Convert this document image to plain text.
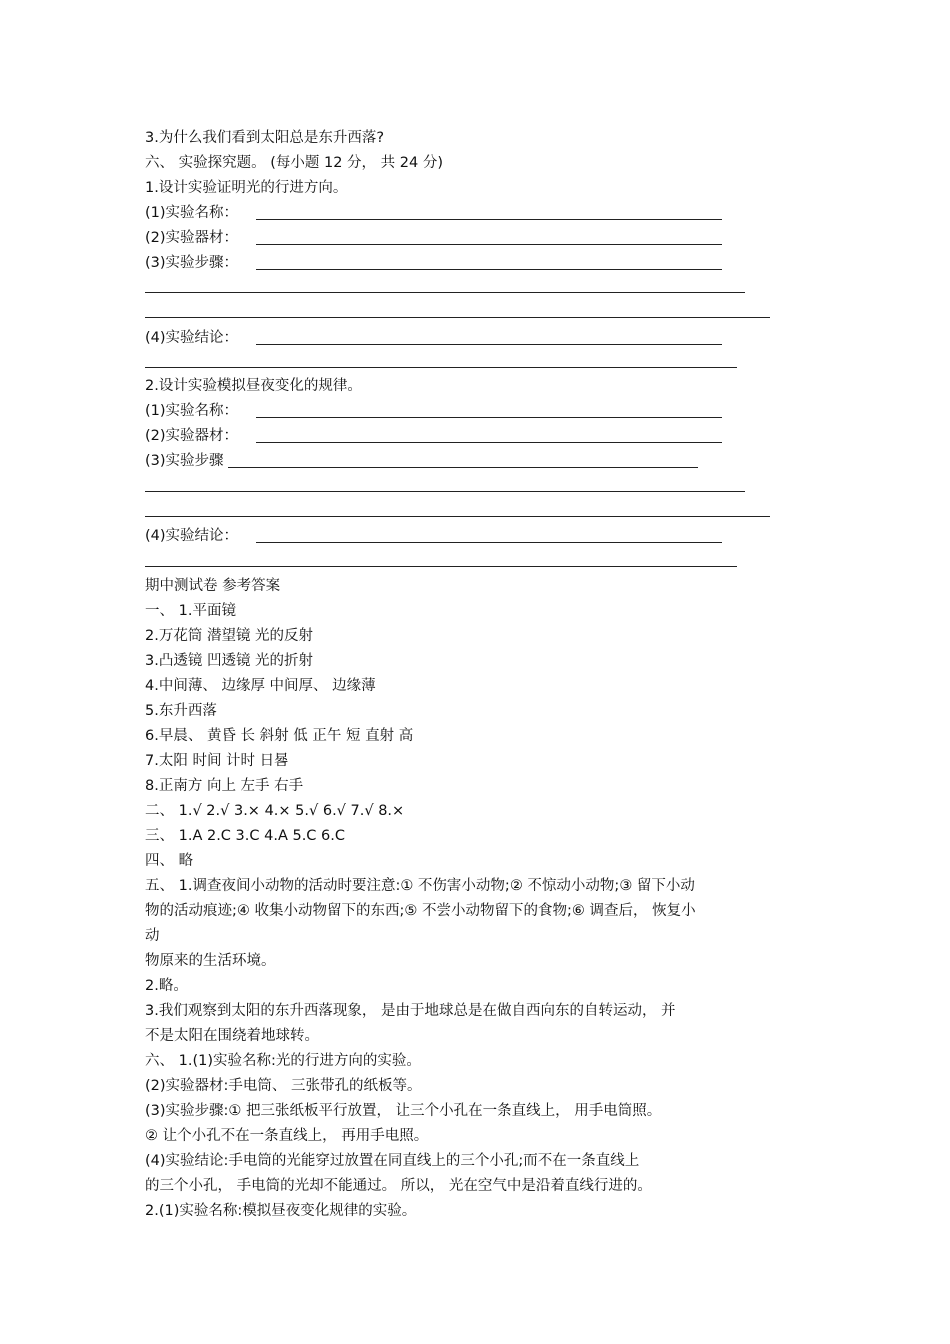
3.为什么我们看到太阳总是东升西落?
六、 实验探究题。 (每小题 12 分， 共 24 分)
1.设计实验证明光的行进方向。
(1)实验名称：
(2)实验器材：
(3)实验步骤：
(4)实验结论：
2.设计实验模拟昼夜变化的规律。
(1)实验名称：
(2)实验器材：
(3)实验步骤
(4)实验结论：
期中测试卷 参考答案
一、 1.平面镜
2.万花筒 潜望镜 光的反射
3.凸透镜 凹透镜 光的折射
4.中间薄、 边缘厚 中间厚、 边缘薄
5.东升西落
6.早晨、 黄昏 长 斜射 低 正午 短 直射 高
7.太阳 时间 计时 日晷
8.正南方 向上 左手 右手
二、 1.√ 2.√ 3.× 4.× 5.√ 6.√ 7.√ 8.×
三、 1.A 2.C 3.C 4.A 5.C 6.C
四、 略
五、 1.调查夜间小动物的活动时要注意:① 不伤害小动物;② 不惊动小动物;③ 留下小动
物的活动痕迹;④ 收集小动物留下的东西;⑤ 不尝小动物留下的食物;⑥ 调查后， 恢复小
动
物原来的生活环境。
2.略。
3.我们观察到太阳的东升西落现象， 是由于地球总是在做自西向东的自转运动， 并
不是太阳在围绕着地球转。
六、 1.(1)实验名称:光的行进方向的实验。
(2)实验器材:手电筒、 三张带孔的纸板等。
(3)实验步骤:① 把三张纸板平行放置， 让三个小孔在一条直线上， 用手电筒照。
② 让个小孔不在一条直线上， 再用手电照。
(4)实验结论:手电筒的光能穿过放置在同直线上的三个小孔;而不在一条直线上
的三个小孔， 手电筒的光却不能通过。 所以， 光在空气中是沿着直线行进的。
2.(1)实验名称:模拟昼夜变化规律的实验。
